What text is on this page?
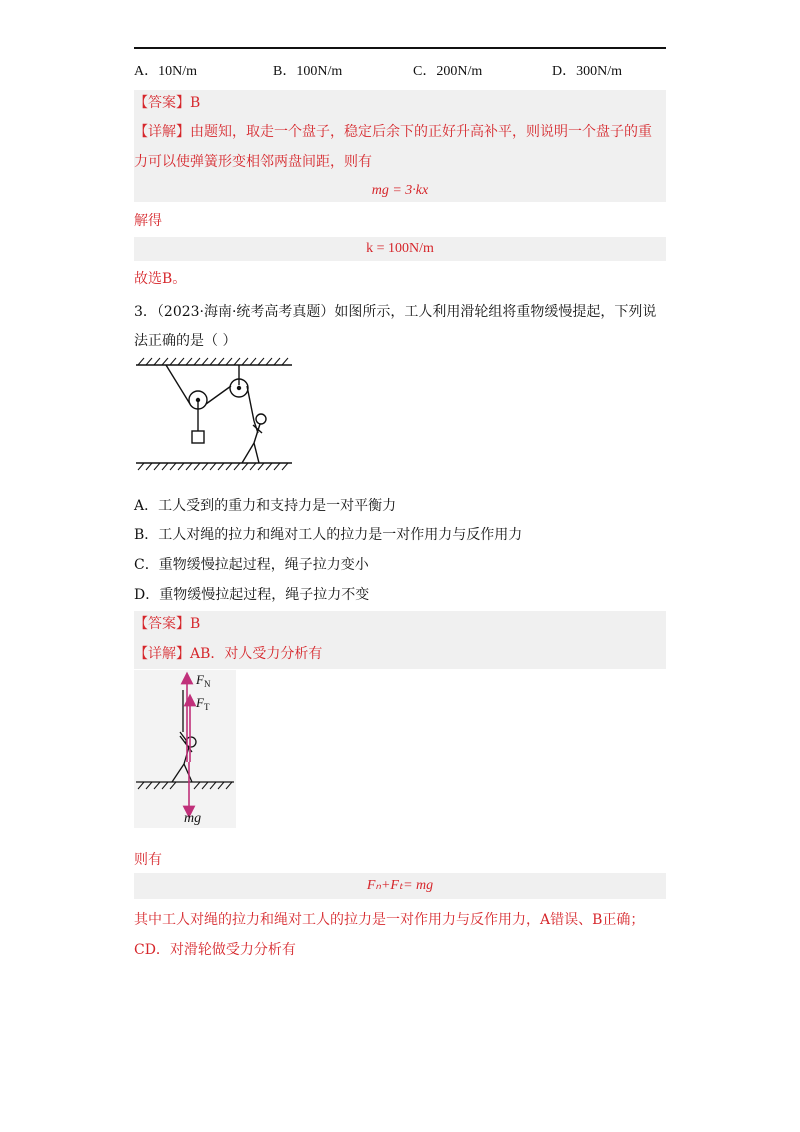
A．10N/m	B．100N/m	C．200N/m	D．300N/m
【答案】B
【详解】由题知，取走一个盘子，稳定后余下的正好升高补平，则说明一个盘子的重
力可以使弹簧形变相邻两盘间距，则有
mg = 3·kx
解得
k = 100N/m
故选B。
3．（2023·海南·统考高考真题）如图所示，工人利用滑轮组将重物缓慢提起，下列说
法正确的是（ ）
A．工人受到的重力和支持力是一对平衡力
B．工人对绳的拉力和绳对工人的拉力是一对作用力与反作用力
C．重物缓慢拉起过程，绳子拉力变小
D．重物缓慢拉起过程，绳子拉力不变
【答案】B
【详解】AB．对人受力分析有
$F_N$
$F_T$
mg
则有
Fₙ+Fₜ= mg
其中工人对绳的拉力和绳对工人的拉力是一对作用力与反作用力，A错误、B正确；
CD．对滑轮做受力分析有
